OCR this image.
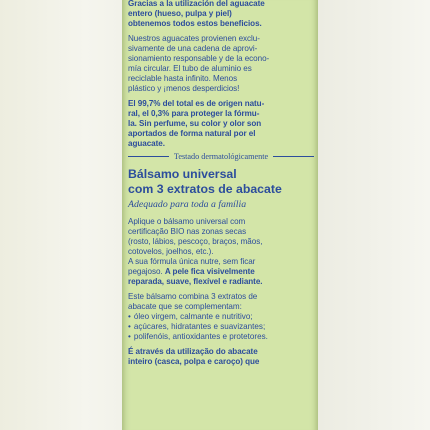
Gracias a la utilización del aguacate

entero (hueso, pulpa y piel)

obtenemos todos estos beneficios.

Nuestros aguacates provienen exclu-

sivamente de una cadena de aprovi-

sionamiento responsable y de la econo-

mía circular. El tubo de aluminio es

reciclable hasta infinito. Menos

plástico y ¡menos desperdicios!

El 99,7% del total es de origen natu-

ral, el 0,3% para proteger la fórmu-

la. Sin perfume, su color y olor son

aportados de forma natural por el

aguacate.

Testado dermatológicamente
Bálsamo universal
com 3 extratos de abacate

Adequado para toda a família

Aplique o bálsamo universal com

certificação BIO nas zonas secas

(rosto, lábios, pescoço, braços, mãos,

cotovelos, joelhos, etc.).

A sua fórmula única nutre, sem ficar

pegajoso. A pele fica visivelmente

reparada, suave, flexível e radiante.

Este bálsamo combina 3 extratos de

abacate que se complementam:

• óleo virgem, calmante e nutritivo;
• açúcares, hidratantes e suavizantes;
• polifenóis, antioxidantes e protetores.

É através da utilização do abacate

inteiro (casca, polpa e caroço) que
